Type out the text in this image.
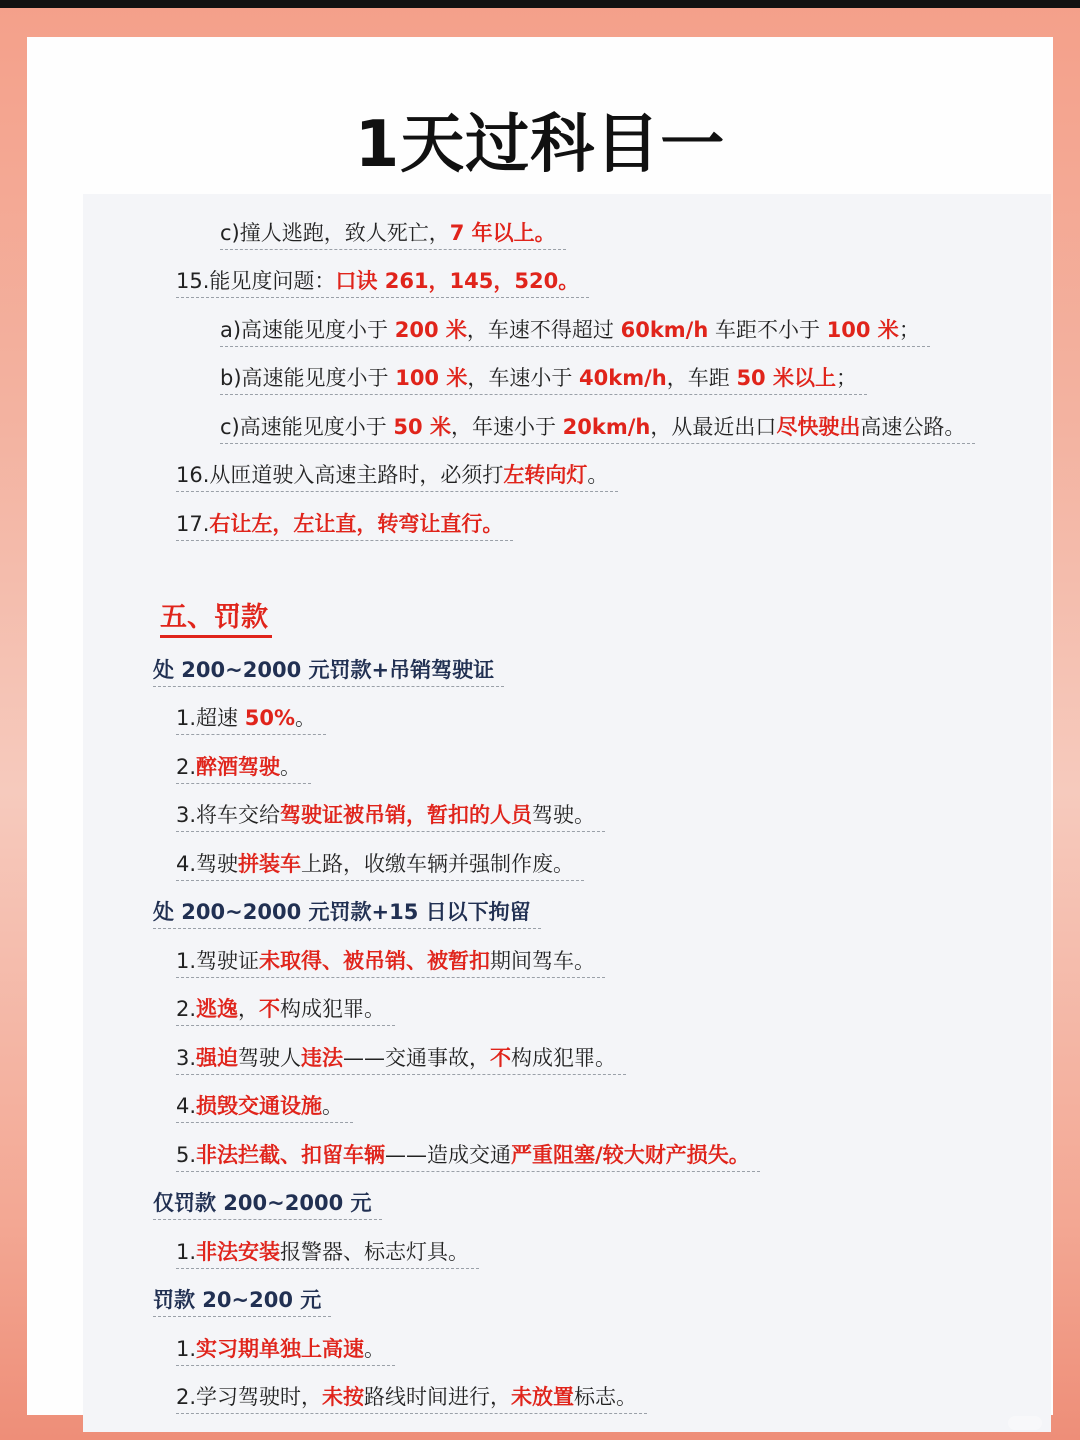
1天过科目一
c)撞人逃跑，致人死亡，7 年以上。
15.能见度问题：口诀 261，145，520。
a)高速能见度小于 200 米，车速不得超过 60km/h 车距不小于 100 米；
b)高速能见度小于 100 米，车速小于 40km/h，车距 50 米以上；
c)高速能见度小于 50 米，年速小于 20km/h，从最近出口尽快驶出高速公路。
16.从匝道驶入高速主路时，必须打左转向灯。
17.右让左，左让直，转弯让直行。
五、罚款
处 200~2000 元罚款+吊销驾驶证
1.超速 50%。
2.醉酒驾驶。
3.将车交给驾驶证被吊销，暂扣的人员驾驶。
4.驾驶拼装车上路，收缴车辆并强制作废。
处 200~2000 元罚款+15 日以下拘留
1.驾驶证未取得、被吊销、被暂扣期间驾车。
2.逃逸，不构成犯罪。
3.强迫驾驶人违法——交通事故，不构成犯罪。
4.损毁交通设施。
5.非法拦截、扣留车辆——造成交通严重阻塞/较大财产损失。
仅罚款 200~2000 元
1.非法安装报警器、标志灯具。
罚款 20~200 元
1.实习期单独上高速。
2.学习驾驶时，未按路线时间进行，未放置标志。
